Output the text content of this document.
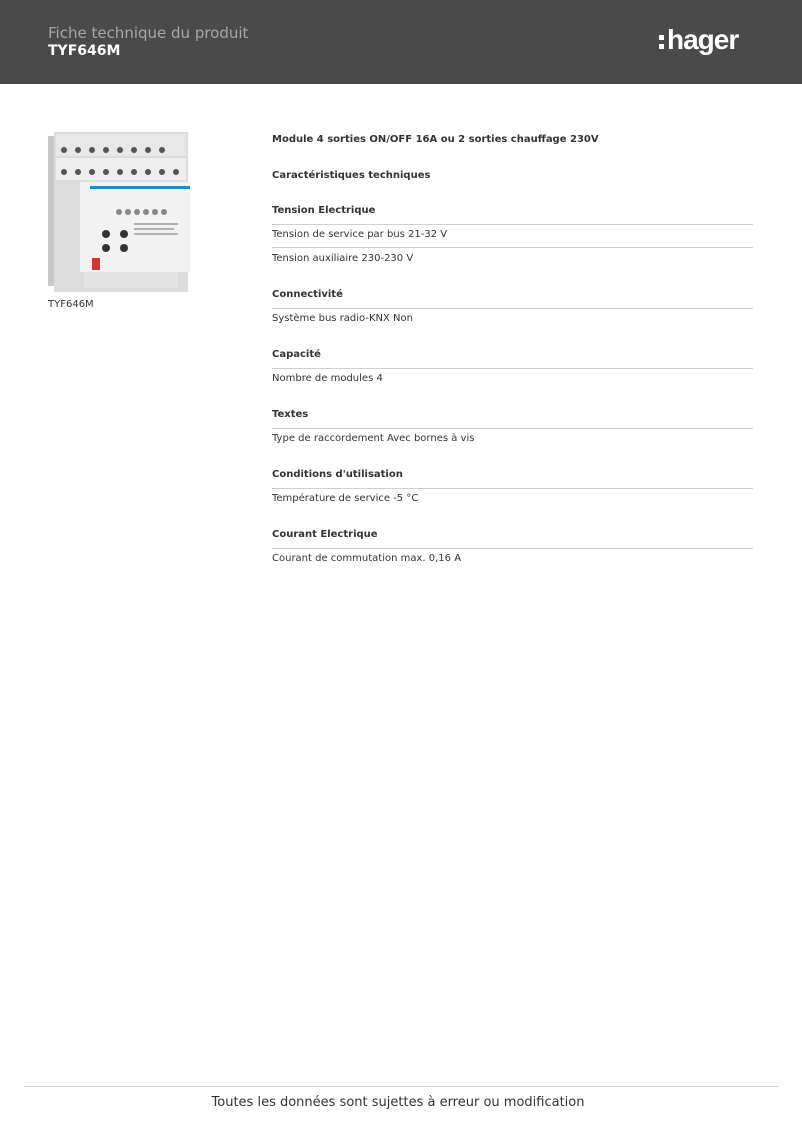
Fiche technique du produit
TYF646M	hager
TYF646M
Module 4 sorties ON/OFF 16A ou 2 sorties chauffage 230V
Caractéristiques techniques
Tension Electrique
Tension de service par bus 21-32 V
Tension auxiliaire 230-230 V
Connectivité
Système bus radio-KNX Non
Capacité
Nombre de modules 4
Textes
Type de raccordement Avec bornes à vis
Conditions d'utilisation
Température de service -5 °C
Courant Electrique
Courant de commutation max. 0,16 A
Toutes les données sont sujettes à erreur ou modification
